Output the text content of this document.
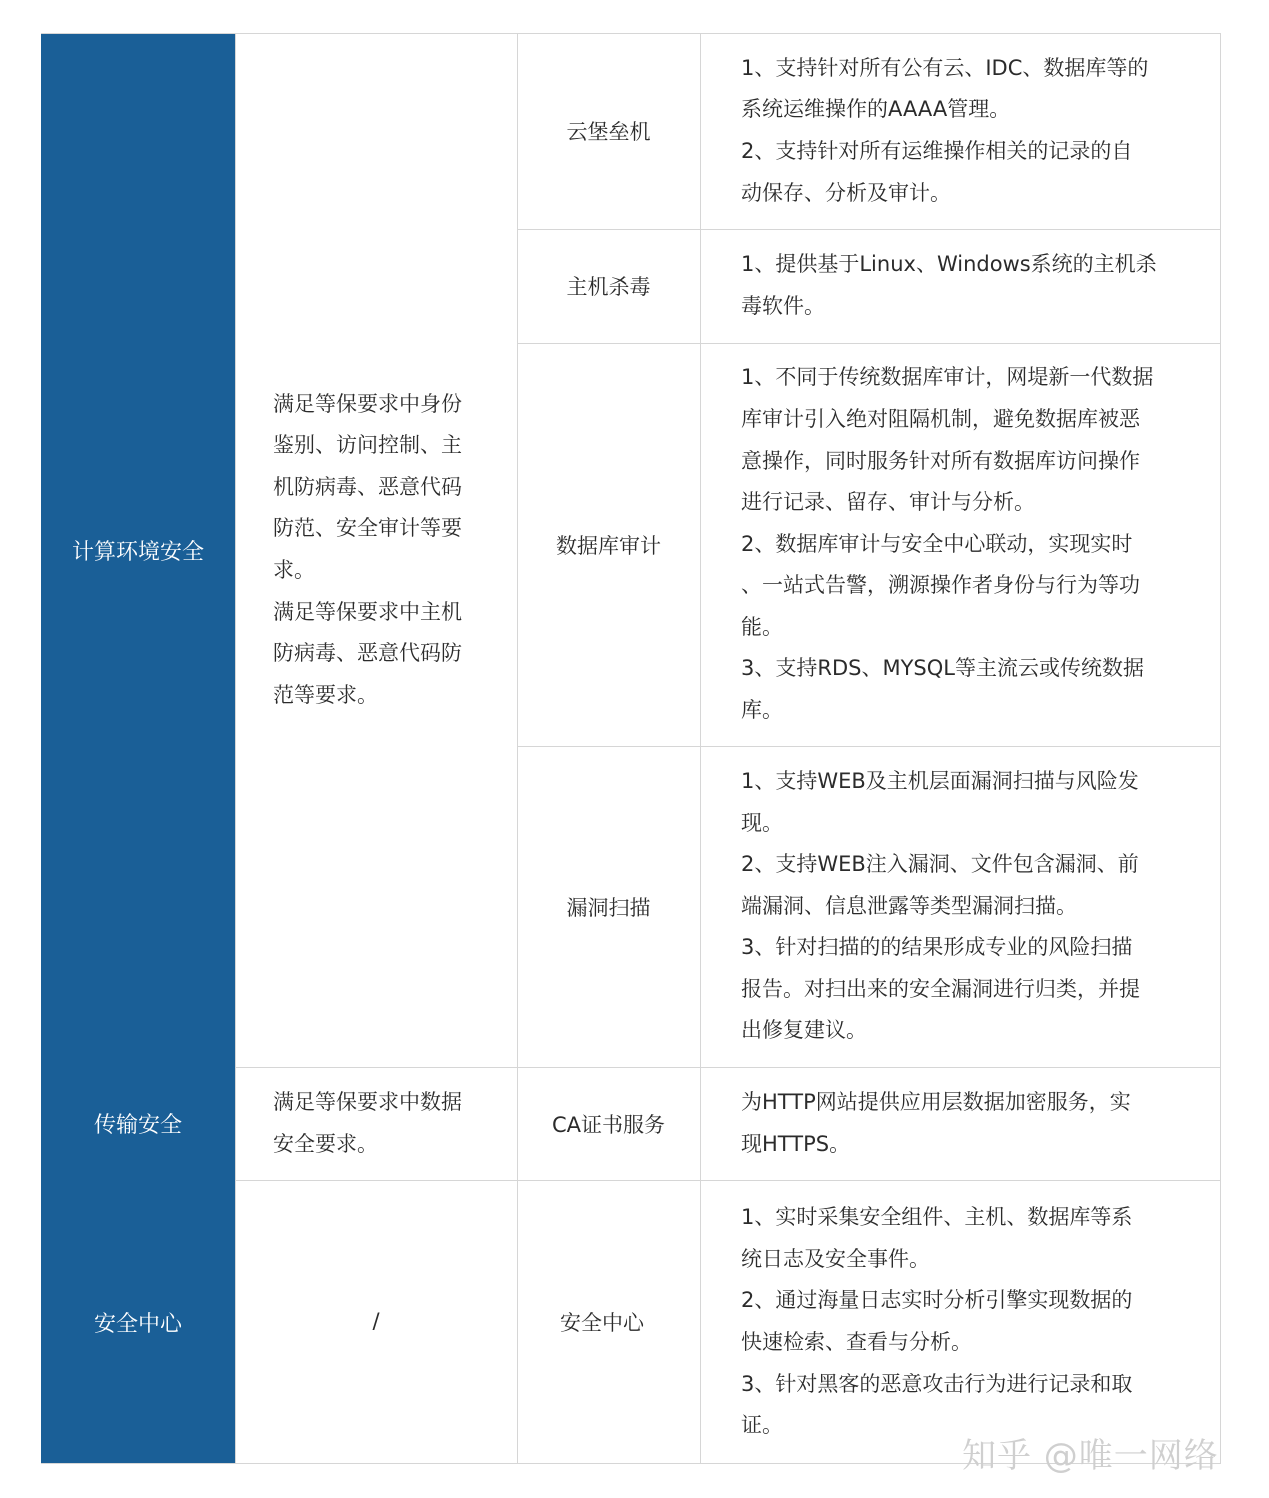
计算环境安全
满足等保要求中身份
鉴别、访问控制、主
机防病毒、恶意代码
防范、安全审计等要
求。
满足等保要求中主机
防病毒、恶意代码防
范等要求。
云堡垒机
1、支持针对所有公有云、IDC、数据库等的
系统运维操作的AAAA管理。
2、支持针对所有运维操作相关的记录的自
动保存、分析及审计。
主机杀毒
1、提供基于Linux、Windows系统的主机杀
毒软件。
数据库审计
1、不同于传统数据库审计，网堤新一代数据
库审计引入绝对阻隔机制，避免数据库被恶
意操作，同时服务针对所有数据库访问操作
进行记录、留存、审计与分析。
2、数据库审计与安全中心联动，实现实时
、一站式告警，溯源操作者身份与行为等功
能。
3、支持RDS、MYSQL等主流云或传统数据
库。
漏洞扫描
1、支持WEB及主机层面漏洞扫描与风险发
现。
2、支持WEB注入漏洞、文件包含漏洞、前
端漏洞、信息泄露等类型漏洞扫描。
3、针对扫描的的结果形成专业的风险扫描
报告。对扫出来的安全漏洞进行归类，并提
出修复建议。
传输安全
满足等保要求中数据
安全要求。
CA证书服务
为HTTP网站提供应用层数据加密服务，实
现HTTPS。
安全中心	/	安全中心
1、实时采集安全组件、主机、数据库等系
统日志及安全事件。
2、通过海量日志实时分析引擎实现数据的
快速检索、查看与分析。
3、针对黑客的恶意攻击行为进行记录和取
证。
知乎 @唯一网络
